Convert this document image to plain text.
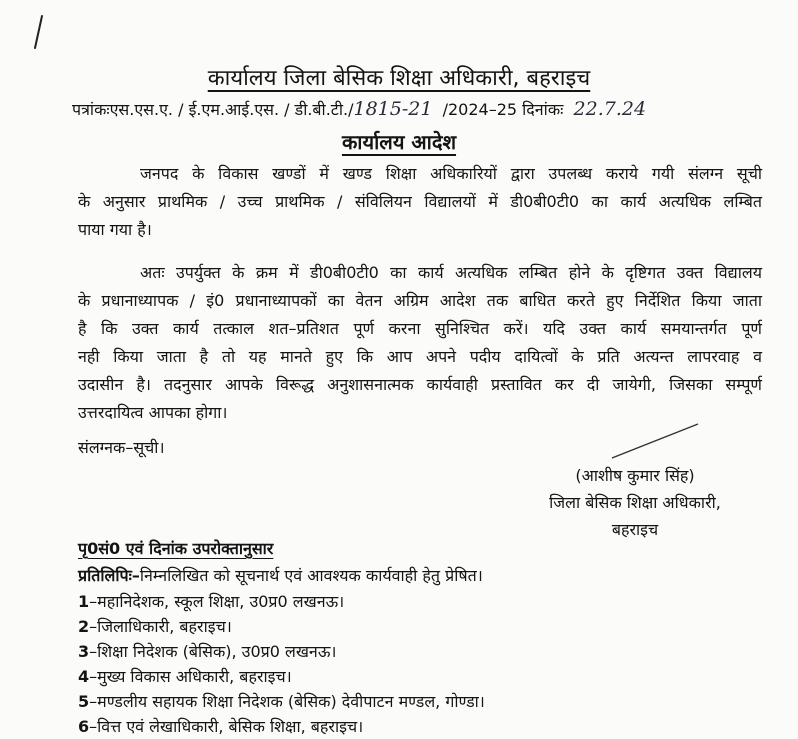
कार्यालय जिला बेसिक शिक्षा अधिकारी, बहराइच
पत्रांकःएस.एस.ए. / ई.एम.आई.एस. / डी.बी.टी./1815-21 /2024–25 दिनांकः 22.7.24
कार्यालय आदेश
जनपद के विकास खण्डों में खण्ड शिक्षा अधिकारियों द्वारा उपलब्ध कराये गयी संलग्न सूची
के अनुसार प्राथमिक / उच्च प्राथमिक / संविलियन विद्यालयों में डी0बी0टी0 का कार्य अत्यधिक लम्बित
पाया गया है।
अतः उपर्युक्त के क्रम में डी0बी0टी0 का कार्य अत्यधिक लम्बित होने के दृष्टिगत उक्त विद्यालय
के प्रधानाध्यापक / इं0 प्रधानाध्यापकों का वेतन अग्रिम आदेश तक बाधित करते हुए निर्देशित किया जाता
है कि उक्त कार्य तत्काल शत–प्रतिशत पूर्ण करना सुनिश्चित करें। यदि उक्त कार्य समयान्तर्गत पूर्ण
नही किया जाता है तो यह मानते हुए कि आप अपने पदीय दायित्वों के प्रति अत्यन्त लापरवाह व
उदासीन है। तदनुसार आपके विरूद्ध अनुशासनात्मक कार्यवाही प्रस्तावित कर दी जायेगी, जिसका सम्पूर्ण
उत्तरदायित्व आपका होगा।
संलग्नक–सूची।
(आशीष कुमार सिंह)
जिला बेसिक शिक्षा अधिकारी,
बहराइच
पृ0सं0 एवं दिनांक उपरोक्तानुसार
प्रतिलिपिः–निम्नलिखित को सूचनार्थ एवं आवश्यक कार्यवाही हेतु प्रेषित।
1–महानिदेशक, स्कूल शिक्षा, उ0प्र0 लखनऊ।
2–जिलाधिकारी, बहराइच।
3–शिक्षा निदेशक (बेसिक), उ0प्र0 लखनऊ।
4–मुख्य विकास अधिकारी, बहराइच।
5–मण्डलीय सहायक शिक्षा निदेशक (बेसिक) देवीपाटन मण्डल, गोण्डा।
6–वित्त एवं लेखाधिकारी, बेसिक शिक्षा, बहराइच।
